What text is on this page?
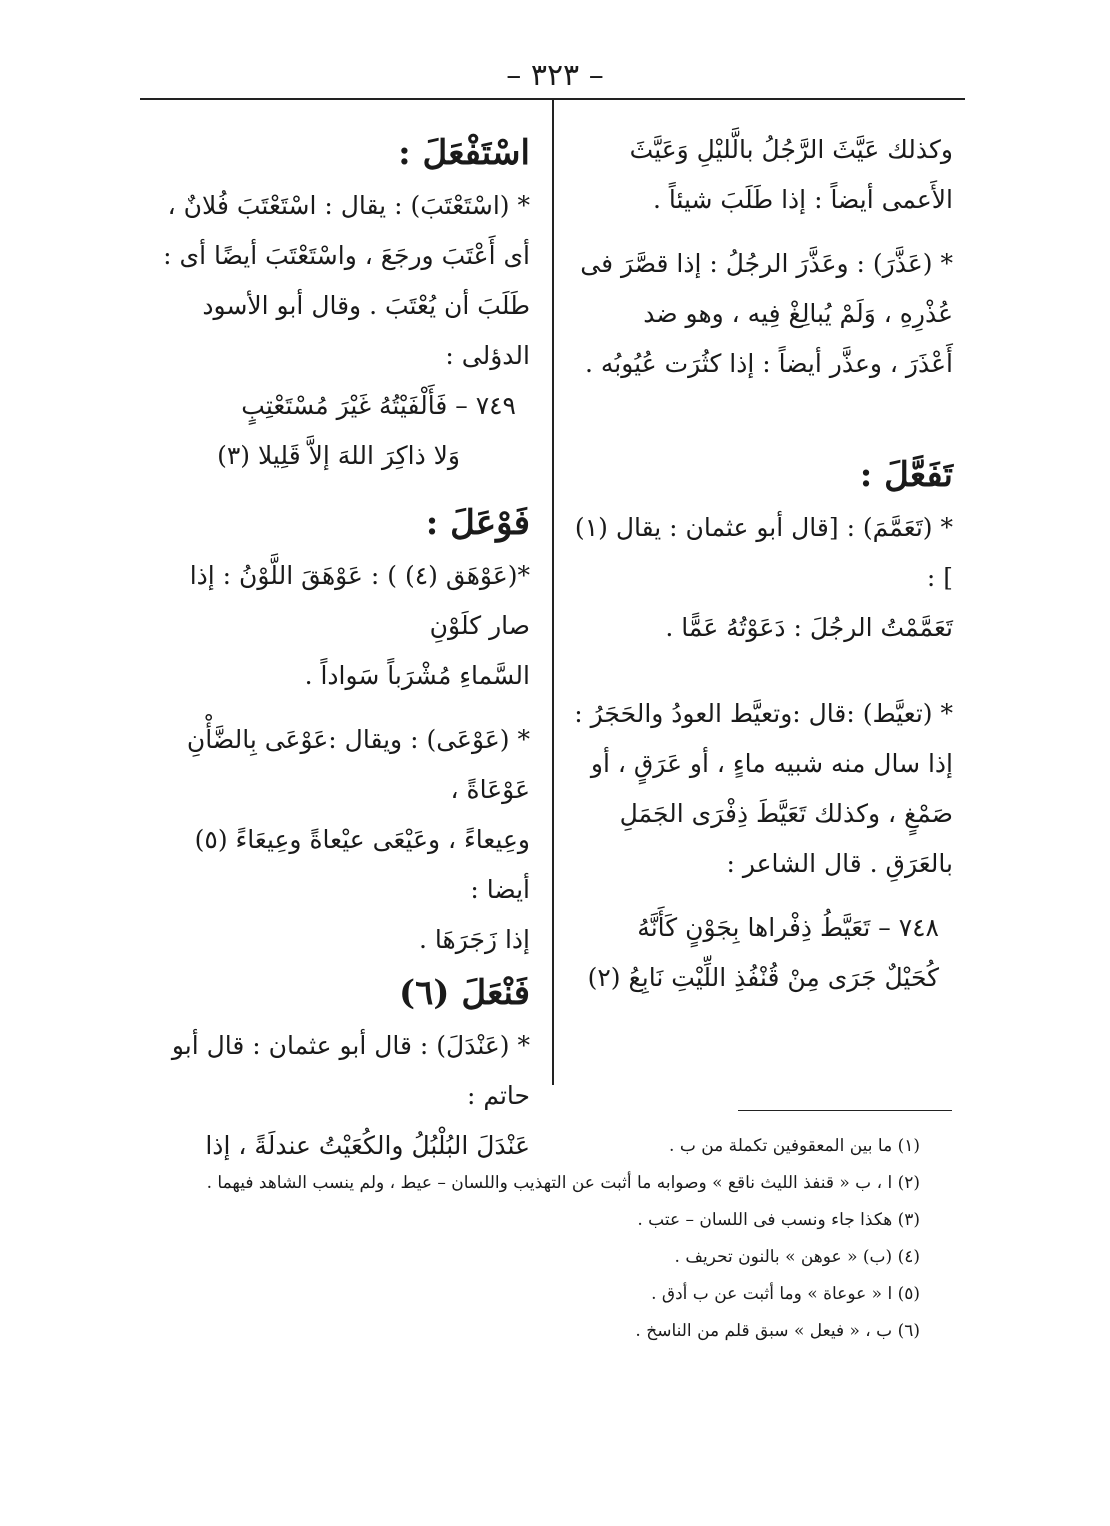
– ٣٢٣ –
وكذلك عَيَّثَ الرَّجُلُ بالَّليْلِ وَعَيَّثَ
الأَعمى أيضاً : إذا طَلَبَ شيئاً .
* (عَذَّرَ) : وعَذَّرَ الرجُلُ : إذا قصَّرَ فى
عُذْرِهِ ، وَلَمْ يُبالِغْ فِيه ، وهو ضد
أَعْذَرَ ، وعذَّر أيضاً : إذا كثُرَت عُيُوبُه .
تَفَعَّلَ :
* (تَعَمَّمَ) : [قال أبو عثمان : يقال (١) ] :
تَعَمَّمْتُ الرجُلَ : دَعَوْتُهُ عَمًّا .
* (تعيَّط) :قال :وتعيَّط العودُ والحَجَرُ :
إذا سال منه شبيه ماءٍ ، أو عَرَقٍ ، أو
صَمْغٍ ، وكذلك تَعَيَّطَ ذِفْرَى الجَمَلِ
بالعَرَقِ . قال الشاعر :
٧٤٨ – تَعَيَّطُ ذِفْراها بِجَوْنٍ كَأَنَّهُ
كُحَيْلٌ جَرَى مِنْ قُنْفُذِ اللِّيْتِ نَابِعُ (٢)
اسْتَفْعَلَ :
* (اسْتَعْتَبَ) : يقال : اسْتَعْتَبَ فُلانٌ ،
أى أَعْتَبَ ورجَعَ ، واسْتَعْتَبَ أيضًا أى :
طَلَبَ أن يُعْتَبَ . وقال أبو الأسود
الدؤلى :
٧٤٩ – فَأَلْفَيْتُهُ غَيْرَ مُسْتَعْتِبٍ
وَلا ذاكِرَ اللهَ إلاَّ قَلِيلا (٣)
فَوْعَلَ :
*(عَوْهَق (٤) ) : عَوْهَقَ اللَّوْنُ : إذا صار كلَوْنِ
السَّماءِ مُشْرَباً سَواداً .
* (عَوْعَى) : ويقال :عَوْعَى بِالضَّأْنِ عَوْعَاةً ،
وعِيعاءً ، وعَيْعَى عيْعاةً وعِيعَاءً (٥) أيضا :
إذا زَجَرَهَا .
فَنْعَلَ (٦)
* (عَنْدَلَ) : قال أبو عثمان : قال أبو حاتم :
عَنْدَلَ البُلْبُلُ والكُعَيْتُ عندلَةً ، إذا	(١) ما بين المعقوفين تكملة من ب .
(٢) ا ، ب « قنفذ الليث ناقع » وصوابه ما أثبت عن التهذيب واللسان – عيط ، ولم ينسب الشاهد فيهما .
(٣) هكذا جاء ونسب فى اللسان – عتب .
(٤) (ب) « عوهن » بالنون تحريف .
(٥) ا « عوعاة » وما أثبت عن ب أدق .
(٦) ب ، « فيعل » سبق قلم من الناسخ .
